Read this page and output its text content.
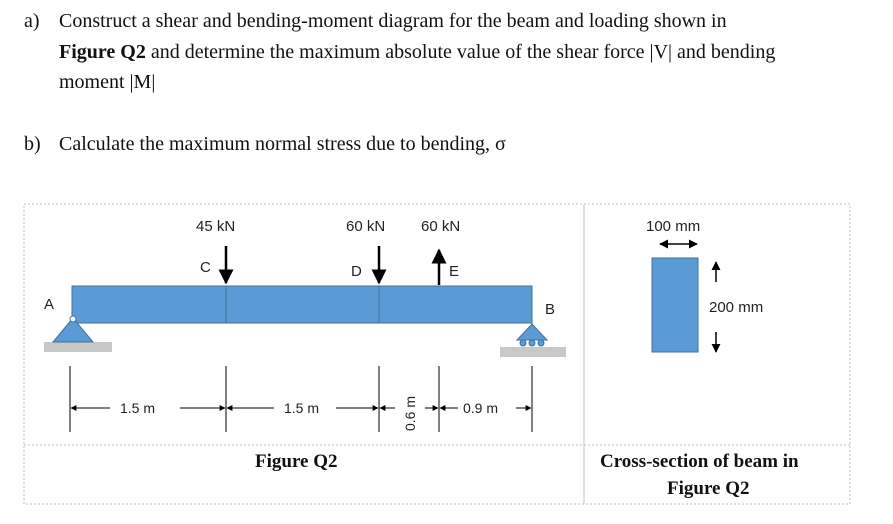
a) Construct a shear and bending-moment diagram for the beam and loading shown in
Figure Q2 and determine the maximum absolute value of the shear force |V| and bending
moment |M|
b) Calculate the maximum normal stress due to bending, σ
A	B
45 kN
C
60 kN
D
60 kN
E
1.5 m	1.5 m	0.6 m	0.9 m
100 mm
200 mm
Figure Q2	Cross-section of beam in
Figure Q2
